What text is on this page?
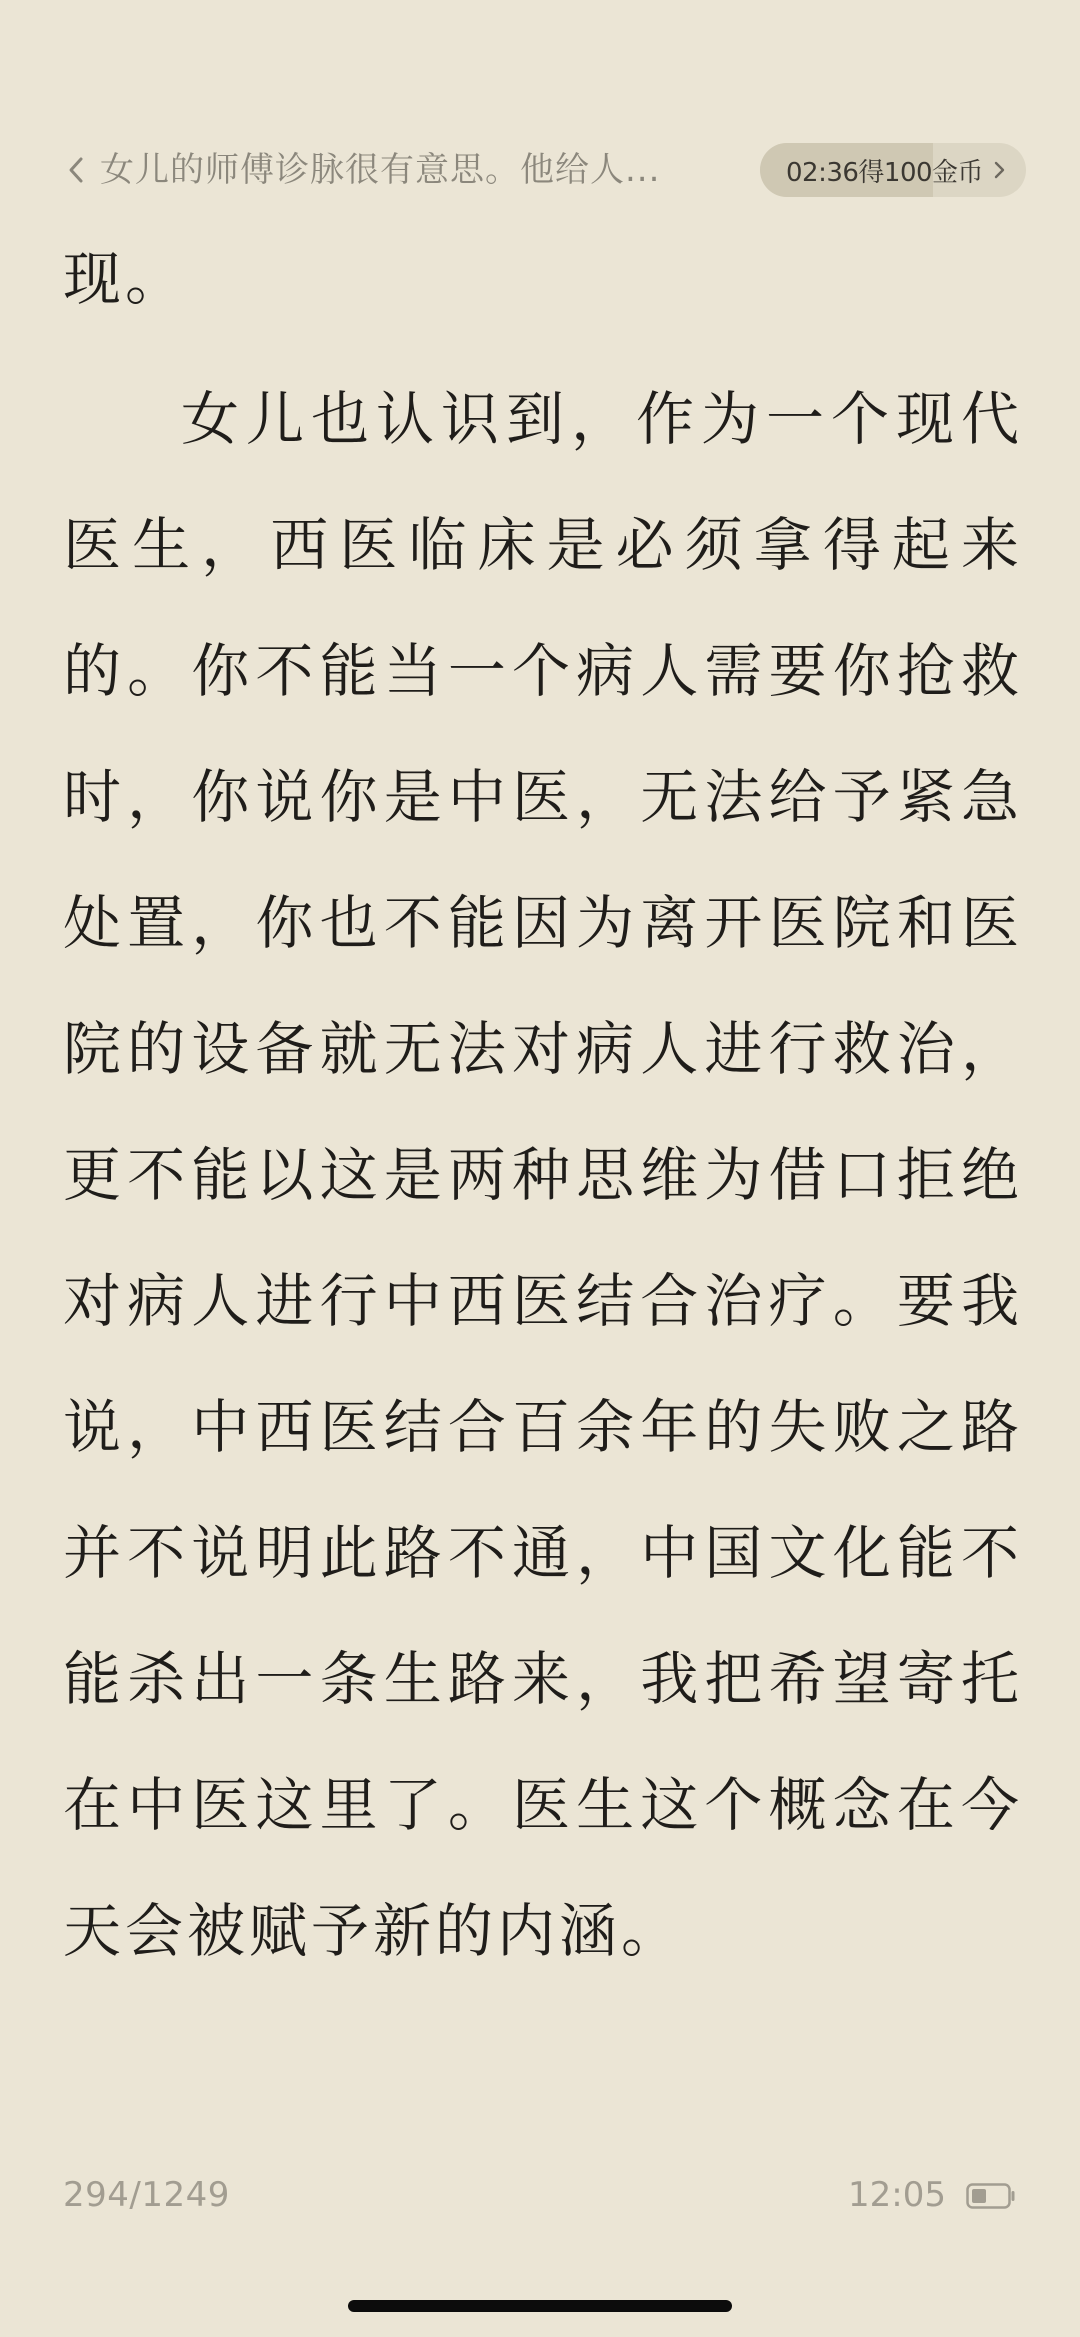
女儿的师傅诊脉很有意思。他给人...	02:36得100金币

现。

女儿也认识到，作为一个现代医生，西医临床是必须拿得起来的。你不能当一个病人需要你抢救时，你说你是中医，无法给予紧急处置，你也不能因为离开医院和医院的设备就无法对病人进行救治，更不能以这是两种思维为借口拒绝对病人进行中西医结合治疗。要我说，中西医结合百余年的失败之路并不说明此路不通，中国文化能不能杀出一条生路来，我把希望寄托在中医这里了。医生这个概念在今天会被赋予新的内涵。

294/1249	12:05
